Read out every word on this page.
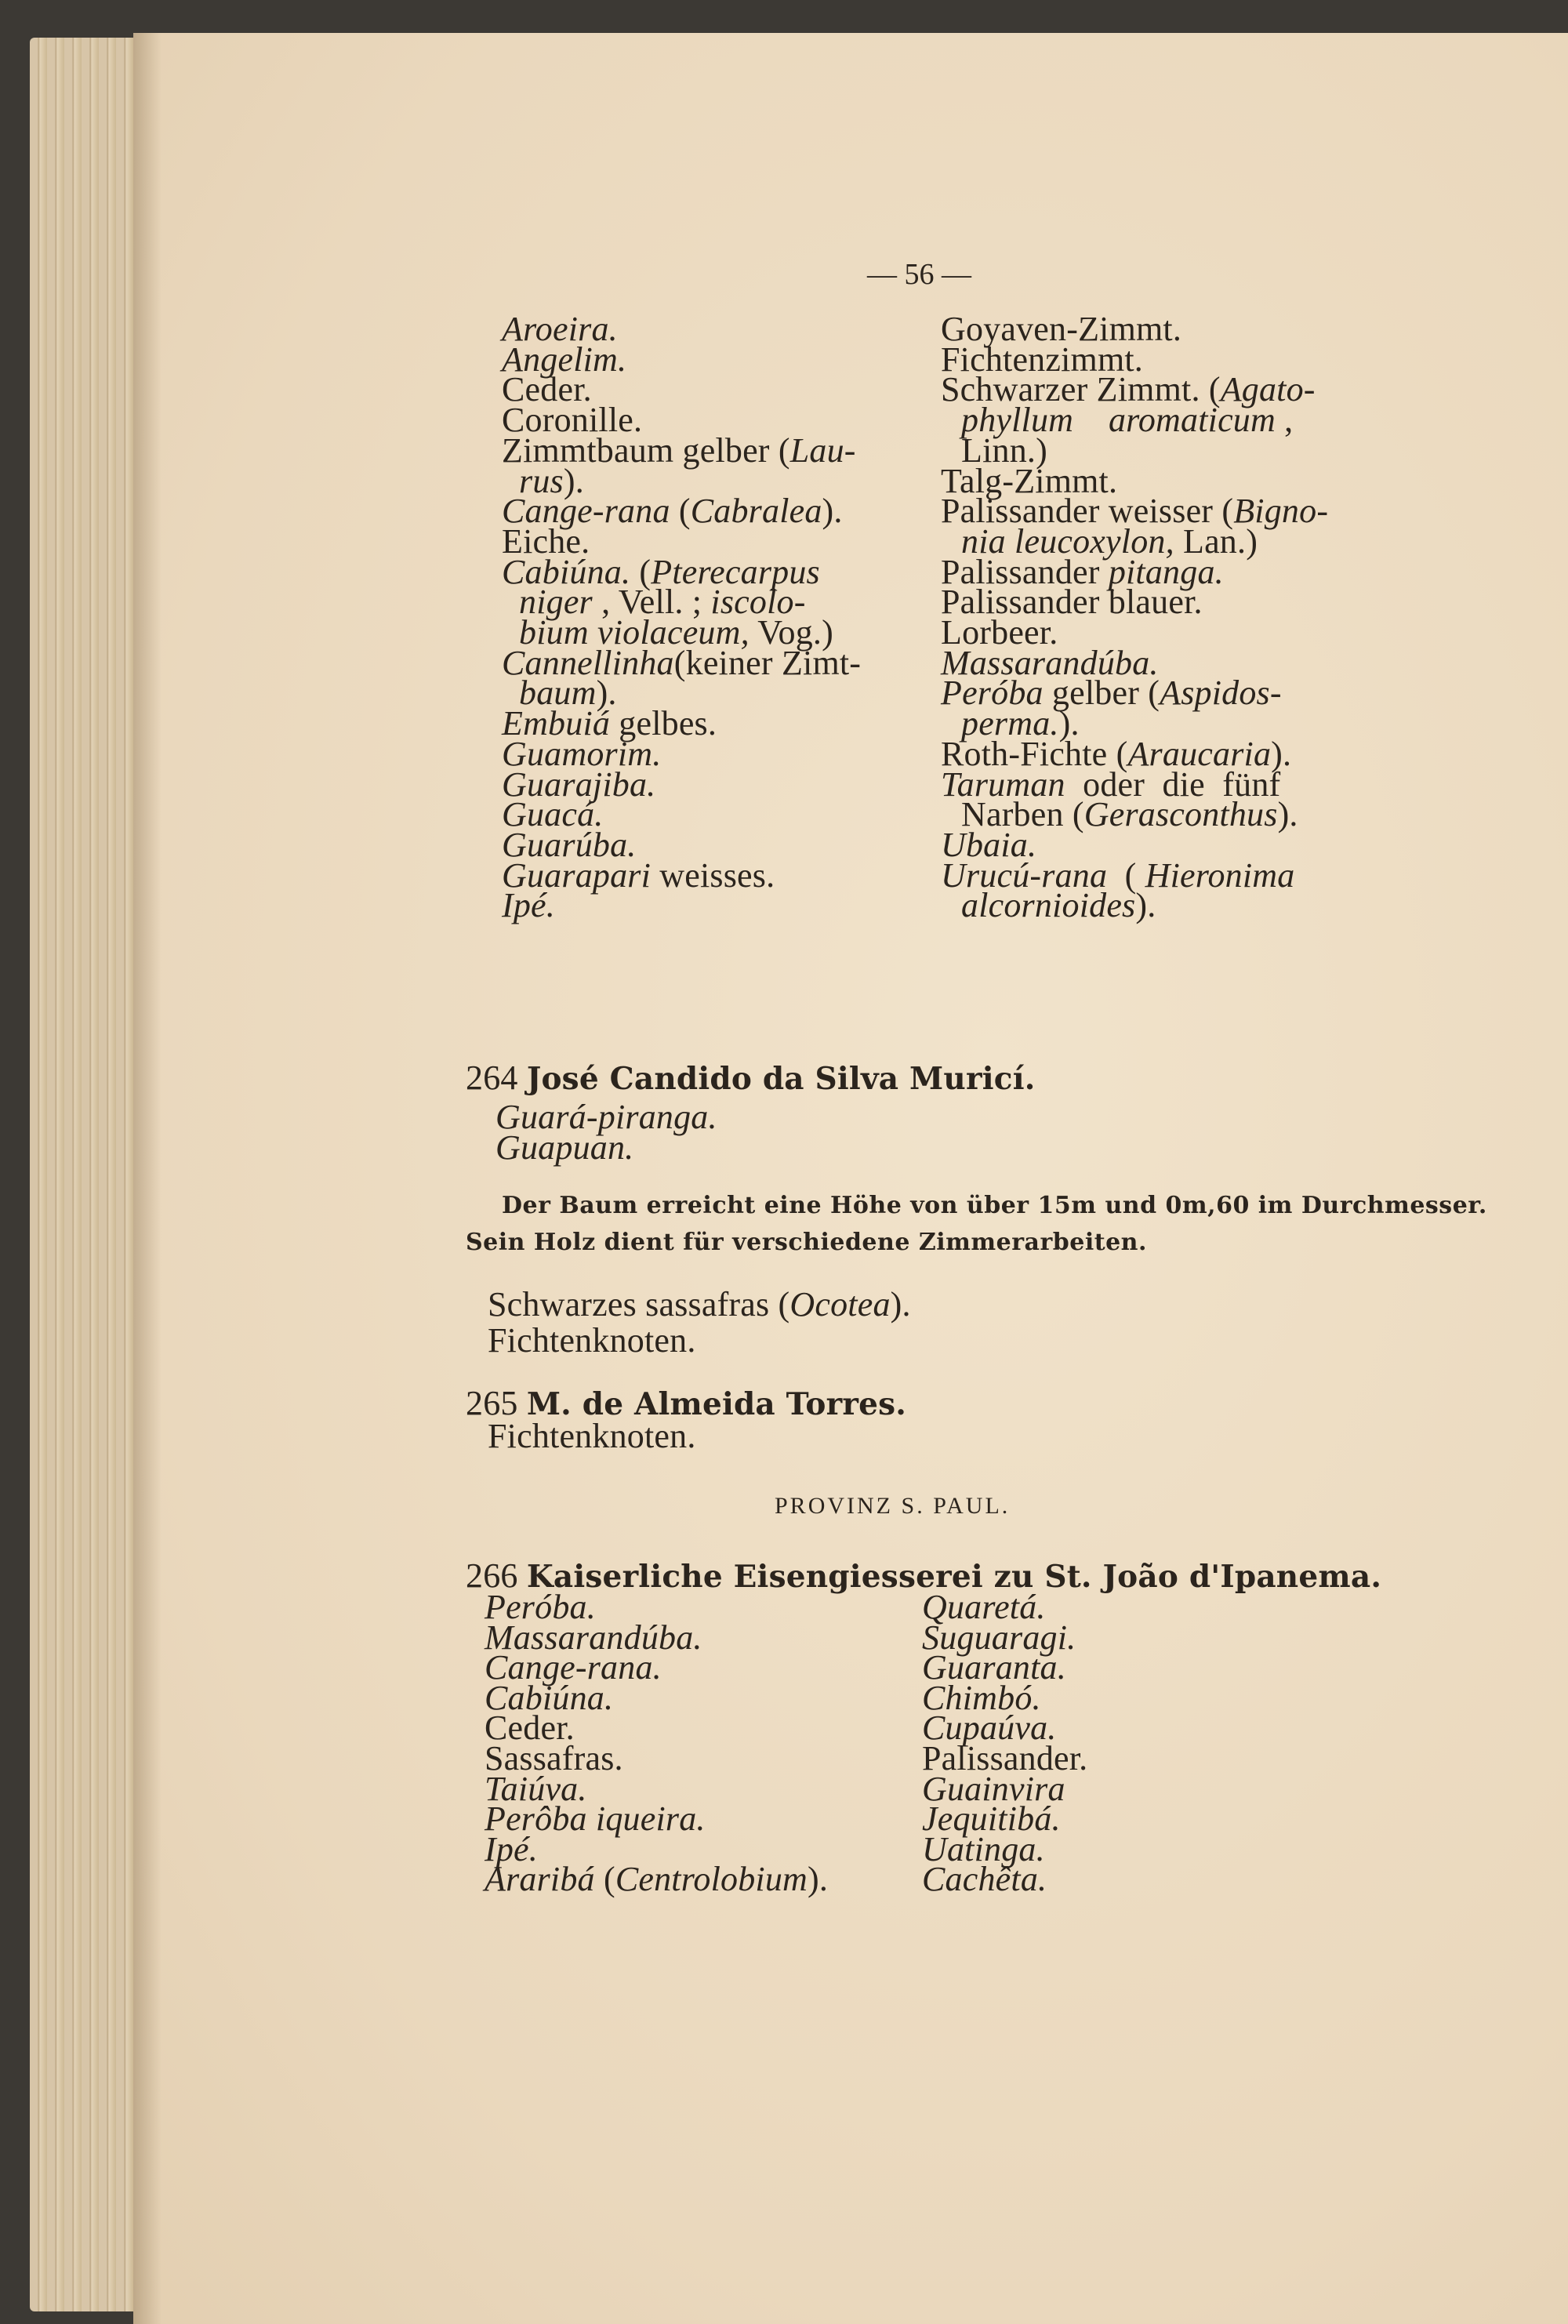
— 56 —
Aroeira.
Angelim.
Ceder.
Coronille.
Zimmtbaum gelber (Lau-
rus).
Cange-rana (Cabralea).
Eiche.
Cabiúna. (Pterecarpus
niger , Vell. ; iscolo-
bium violaceum, Vog.)
Cannellinha(keiner Zimt-
baum).
Embuiá gelbes.
Guamorim.
Guarajiba.
Guacá.
Guarúba.
Guarapari weisses.
Ipé.
Goyaven-Zimmt.
Fichtenzimmt.
Schwarzer Zimmt. (Agato-
phyllum    aromaticum ,
Linn.)
Talg-Zimmt.
Palissander weisser (Bigno-
nia leucoxylon, Lan.)
Palissander pitanga.
Palissander blauer.
Lorbeer.
Massarandúba.
Peróba gelber (Aspidos-
perma.).
Roth-Fichte (Araucaria).
Taruman  oder  die  fünf
Narben (Gerasconthus).
Ubaia.
Urucú-rana  ( Hieronima
alcornioides).
264 José Candido da Silva Muricí.
Guará-piranga.
Guapuan.
Der Baum erreicht eine Höhe von über 15m und 0m,60 im Durchmesser.
Sein Holz dient für verschiedene Zimmerarbeiten.
Schwarzes sassafras (Ocotea).
Fichtenknoten.
265 M. de Almeida Torres.
Fichtenknoten.
PROVINZ S. PAUL.
266 Kaiserliche Eisengiesserei zu St. João d'Ipanema.
Peróba.
Massarandúba.
Cange-rana.
Cabiúna.
Ceder.
Sassafras.
Taiúva.
Perôba iqueira.
Ipé.
Araribá (Centrolobium).
Quaretá.
Suguaragi.
Guaranta.
Chimbó.
Cupaúva.
Palissander.
Guainvira
Jequitibá.
Uatinga.
Cachêta.
